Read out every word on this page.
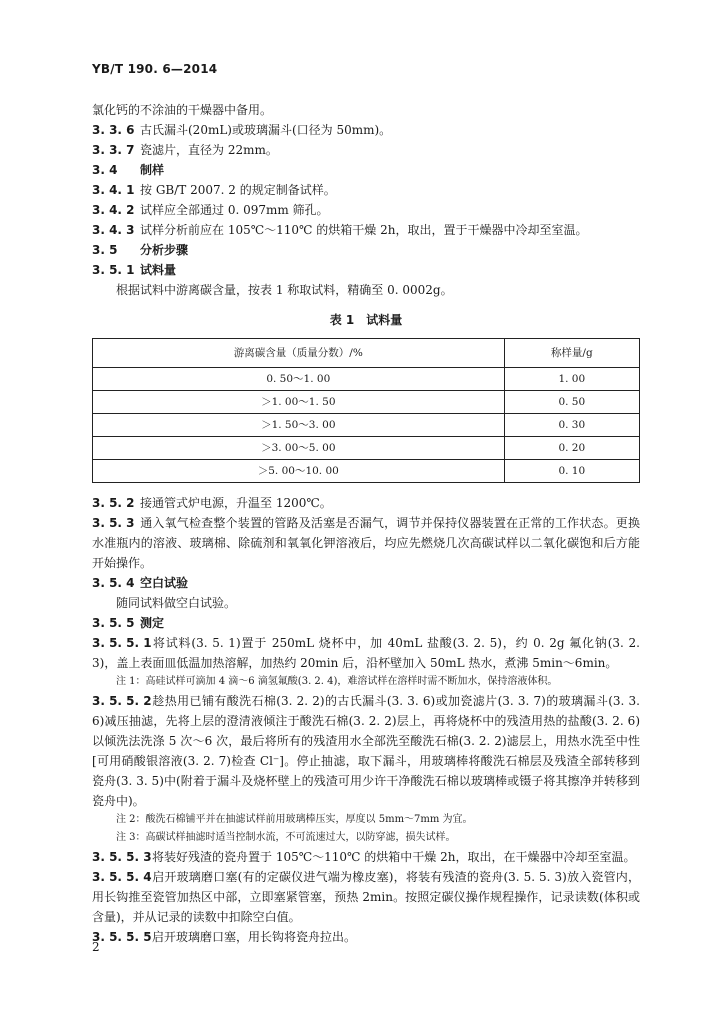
YB/T 190. 6—2014

氯化钙的不涂油的干燥器中备用。

3. 3. 6 古氏漏斗(20mL)或玻璃漏斗(口径为 50mm)。

3. 3. 7 瓷滤片，直径为 22mm。

3. 4 制样

3. 4. 1 按 GB/T 2007. 2 的规定制备试样。

3. 4. 2 试样应全部通过 0. 097mm 筛孔。

3. 4. 3 试样分析前应在 105℃～110℃ 的烘箱干燥 2h，取出，置于干燥器中冷却至室温。

3. 5 分析步骤

3. 5. 1 试料量

根据试料中游离碳含量，按表 1 称取试料，精确至 0. 0002g。

表 1　试料量
游离碳含量（质量分数）/%	称样量/g
0. 50～1. 00	1. 00
＞1. 00～1. 50	0. 50
＞1. 50～3. 00	0. 30
＞3. 00～5. 00	0. 20
＞5. 00～10. 00	0. 10

3. 5. 2 接通管式炉电源，升温至 1200℃。

3. 5. 3 通入氧气检查整个装置的管路及活塞是否漏气，调节并保持仪器装置在正常的工作状态。更换水准瓶内的溶液、玻璃棉、除硫剂和氧氧化钾溶液后，均应先燃烧几次高碳试样以二氧化碳饱和后方能开始操作。

3. 5. 4 空白试验

随同试料做空白试验。

3. 5. 5 测定

3. 5. 5. 1将试料(3. 5. 1)置于 250mL 烧杯中，加 40mL 盐酸(3. 2. 5)，约 0. 2g 氟化钠(3. 2. 3)，盖上表面皿低温加热溶解，加热约 20min 后，沿杯壁加入 50mL 热水，煮沸 5min～6min。

注 1：高硅试样可滴加 4 滴～6 滴氢氟酸(3. 2. 4)，难溶试样在溶样时需不断加水，保持溶液体积。

3. 5. 5. 2趁热用已铺有酸洗石棉(3. 2. 2)的古氏漏斗(3. 3. 6)或加瓷滤片(3. 3. 7)的玻璃漏斗(3. 3. 6)减压抽滤，先将上层的澄清液倾注于酸洗石棉(3. 2. 2)层上，再将烧杯中的残渣用热的盐酸(3. 2. 6)以倾洗法洗涤 5 次～6 次，最后将所有的残渣用水全部洗至酸洗石棉(3. 2. 2)滤层上，用热水洗至中性[可用硝酸银溶液(3. 2. 7)检查 Cl⁻]。停止抽滤，取下漏斗，用玻璃棒将酸洗石棉层及残渣全部转移到瓷舟(3. 3. 5)中(附着于漏斗及烧杯壁上的残渣可用少许干净酸洗石棉以玻璃棒或镊子将其擦净并转移到瓷舟中)。

注 2：酸洗石棉铺平并在抽滤试样前用玻璃棒压实，厚度以 5mm～7mm 为宜。

注 3：高碳试样抽滤时适当控制水流，不可流速过大，以防穿滤，损失试样。

3. 5. 5. 3将装好残渣的瓷舟置于 105℃～110℃ 的烘箱中干燥 2h，取出，在干燥器中冷却至室温。

3. 5. 5. 4启开玻璃磨口塞(有的定碳仪进气端为橡皮塞)，将装有残渣的瓷舟(3. 5. 5. 3)放入瓷管内，用长钩推至瓷管加热区中部，立即塞紧管塞，预热 2min。按照定碳仪操作规程操作，记录读数(体积或含量)，并从记录的读数中扣除空白值。

3. 5. 5. 5启开玻璃磨口塞，用长钩将瓷舟拉出。

2
